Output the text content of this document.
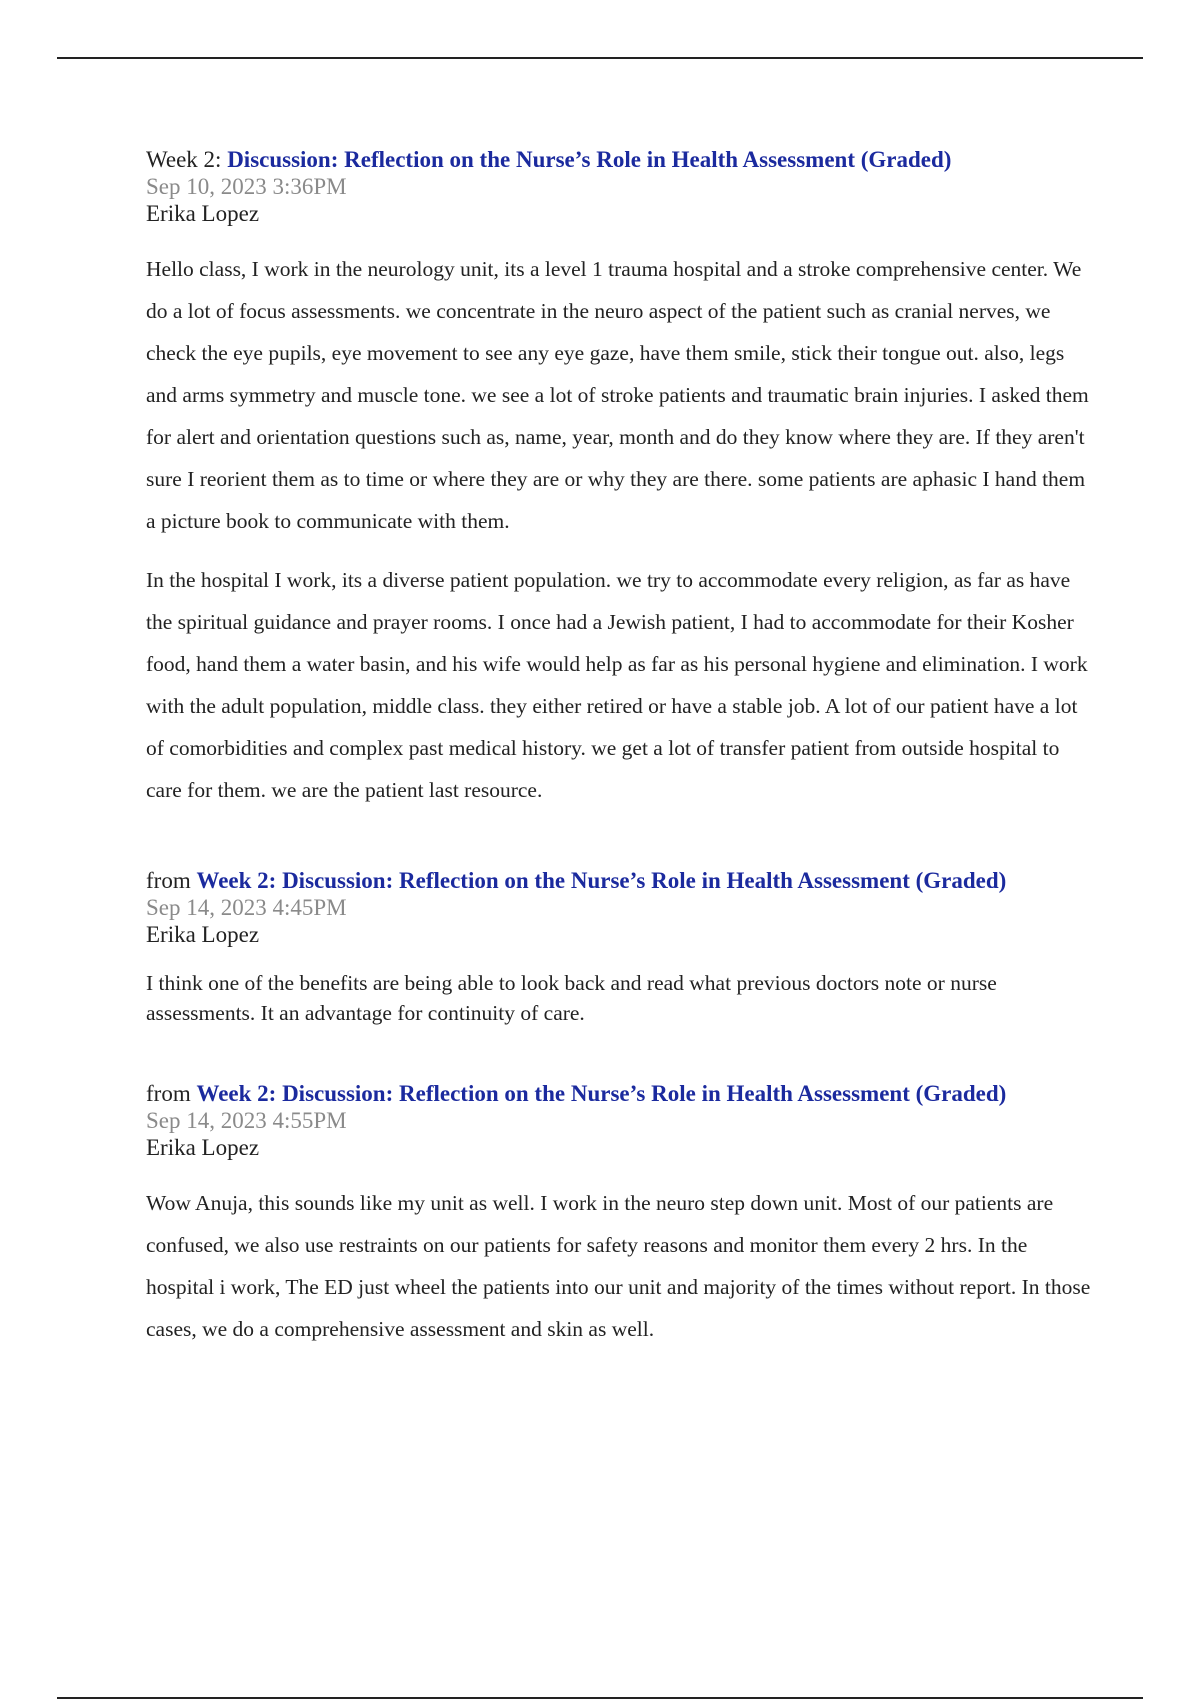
Week 2: Discussion: Reflection on the Nurse’s Role in Health Assessment (Graded)
Sep 10, 2023 3:36PM
Erika Lopez

Hello class, I work in the neurology unit, its a level 1 trauma hospital and a stroke comprehensive center. We do a lot of focus assessments. we concentrate in the neuro aspect of the patient such as cranial nerves, we check the eye pupils, eye movement to see any eye gaze, have them smile, stick their tongue out. also, legs and arms symmetry and muscle tone. we see a lot of stroke patients and traumatic brain injuries. I asked them for alert and orientation questions such as, name, year, month and do they know where they are. If they aren't sure I reorient them as to time or where they are or why they are there. some patients are aphasic I hand them a picture book to communicate with them.

In the hospital I work, its a diverse patient population. we try to accommodate every religion, as far as have the spiritual guidance and prayer rooms. I once had a Jewish patient, I had to accommodate for their Kosher food, hand them a water basin, and his wife would help as far as his personal hygiene and elimination. I work with the adult population, middle class. they either retired or have a stable job. A lot of our patient have a lot of comorbidities and complex past medical history. we get a lot of transfer patient from outside hospital to care for them. we are the patient last resource.

from Week 2: Discussion: Reflection on the Nurse’s Role in Health Assessment (Graded)
Sep 14, 2023 4:45PM
Erika Lopez

I think one of the benefits are being able to look back and read what previous doctors note or nurse assessments. It an advantage for continuity of care.

from Week 2: Discussion: Reflection on the Nurse’s Role in Health Assessment (Graded)
Sep 14, 2023 4:55PM
Erika Lopez

Wow Anuja, this sounds like my unit as well. I work in the neuro step down unit. Most of our patients are confused, we also use restraints on our patients for safety reasons and monitor them every 2 hrs. In the hospital i work, The ED just wheel the patients into our unit and majority of the times without report. In those cases, we do a comprehensive assessment and skin as well.
